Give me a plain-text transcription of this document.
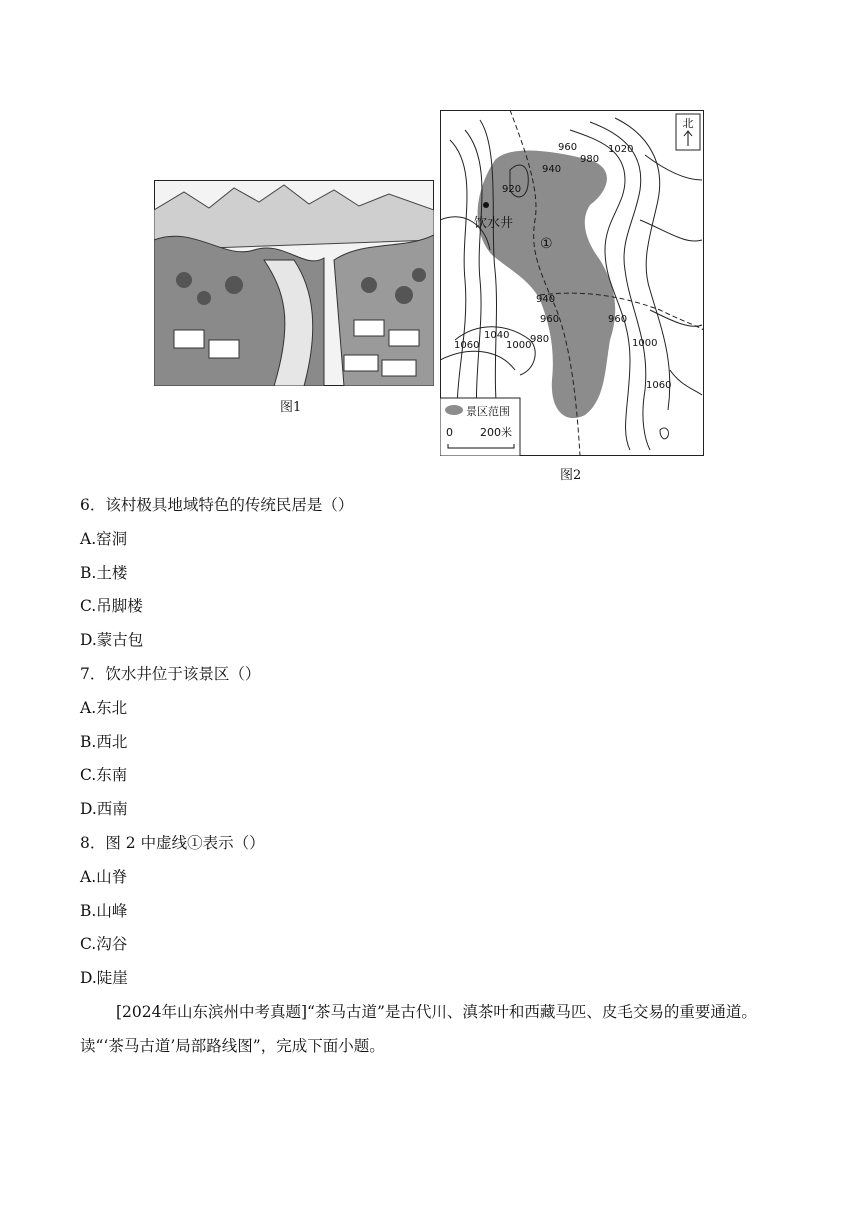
图1
北
饮水井
①
920
940
960
980
1020
940
960	960
1000
1060
1040
1000
980
1060
景区范围
0 200米
图2
6．该村极具地域特色的传统民居是（）
A.窑洞
B.土楼
C.吊脚楼
D.蒙古包
7．饮水井位于该景区（）
A.东北
B.西北
C.东南
D.西南
8．图 2 中虚线①表示（）
A.山脊
B.山峰
C.沟谷
D.陡崖
[2024年山东滨州中考真题]“茶马古道”是古代川、滇茶叶和西藏马匹、皮毛交易的重要通道。读“‘茶马古道’局部路线图”，完成下面小题。
